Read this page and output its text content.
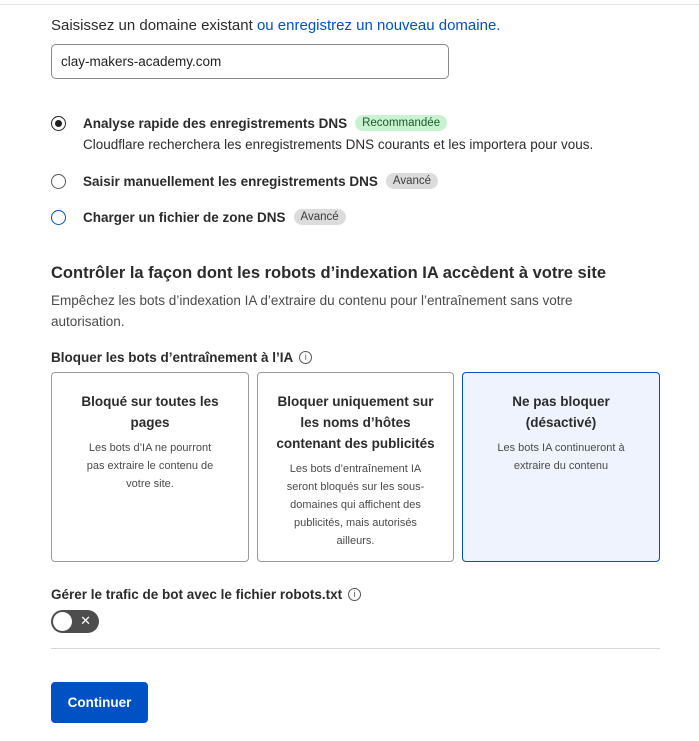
Saisissez un domaine existant ou enregistrez un nouveau domaine.
clay-makers-academy.com
Analyse rapide des enregistrements DNS	Recommandée
Cloudflare recherchera les enregistrements DNS courants et les importera pour vous.
Saisir manuellement les enregistrements DNS	Avancé
Charger un fichier de zone DNS	Avancé
Contrôler la façon dont les robots d’indexation IA accèdent à votre site
Empêchez les bots d’indexation IA d’extraire du contenu pour l’entraînement sans votre autorisation.
Bloquer les bots d’entraînement à l’IA	i
Bloqué sur toutes les pages
Les bots d’IA ne pourront pas extraire le contenu de votre site.
Bloquer uniquement sur les noms d’hôtes contenant des publicités
Les bots d’entraînement IA seront bloqués sur les sous-domaines qui affichent des publicités, mais autorisés ailleurs.
Ne pas bloquer (désactivé)
Les bots IA continueront à extraire du contenu
Gérer le trafic de bot avec le fichier robots.txt	i
✕
Continuer
